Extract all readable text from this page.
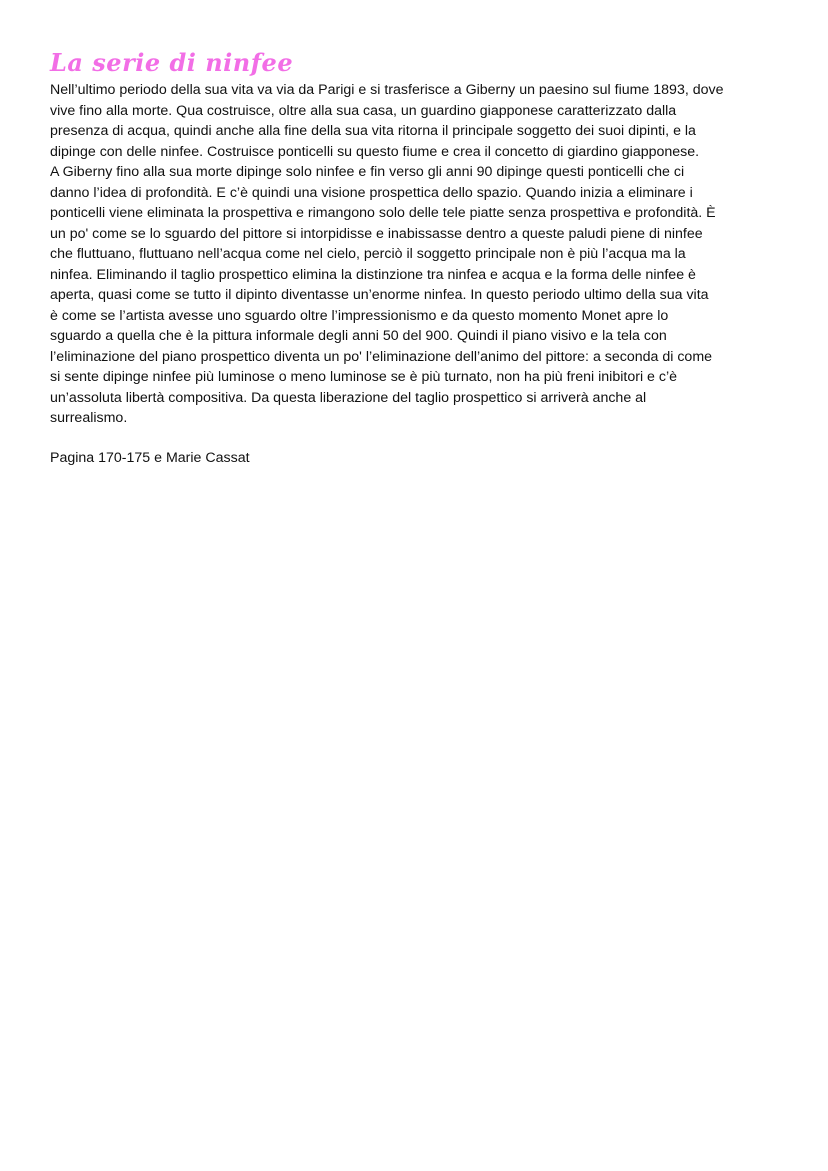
La serie di ninfee
Nell’ultimo periodo della sua vita va via da Parigi e si trasferisce a Giberny un paesino sul fiume 1893, dove
vive fino alla morte. Qua costruisce, oltre alla sua casa, un guardino giapponese caratterizzato dalla
presenza di acqua, quindi anche alla fine della sua vita ritorna il principale soggetto dei suoi dipinti, e la
dipinge con delle ninfee. Costruisce ponticelli su questo fiume e crea il concetto di giardino giapponese.
A Giberny fino alla sua morte dipinge solo ninfee e fin verso gli anni 90 dipinge questi ponticelli che ci
danno l’idea di profondità. E c’è quindi una visione prospettica dello spazio. Quando inizia a eliminare i
ponticelli viene eliminata la prospettiva e rimangono solo delle tele piatte senza prospettiva e profondità. È
un po' come se lo sguardo del pittore si intorpidisse e inabissasse dentro a queste paludi piene di ninfee
che fluttuano, fluttuano nell’acqua come nel cielo, perciò il soggetto principale non è più l’acqua ma la
ninfea. Eliminando il taglio prospettico elimina la distinzione tra ninfea e acqua e la forma delle ninfee è
aperta, quasi come se tutto il dipinto diventasse un’enorme ninfea. In questo periodo ultimo della sua vita
è come se l’artista avesse uno sguardo oltre l’impressionismo e da questo momento Monet apre lo
sguardo a quella che è la pittura informale degli anni 50 del 900. Quindi il piano visivo e la tela con
l’eliminazione del piano prospettico diventa un po' l’eliminazione dell’animo del pittore: a seconda di come
si sente dipinge ninfee più luminose o meno luminose se è più turnato, non ha più freni inibitori e c’è
un’assoluta libertà compositiva. Da questa liberazione del taglio prospettico si arriverà anche al
surrealismo.
Pagina 170-175 e Marie Cassat
